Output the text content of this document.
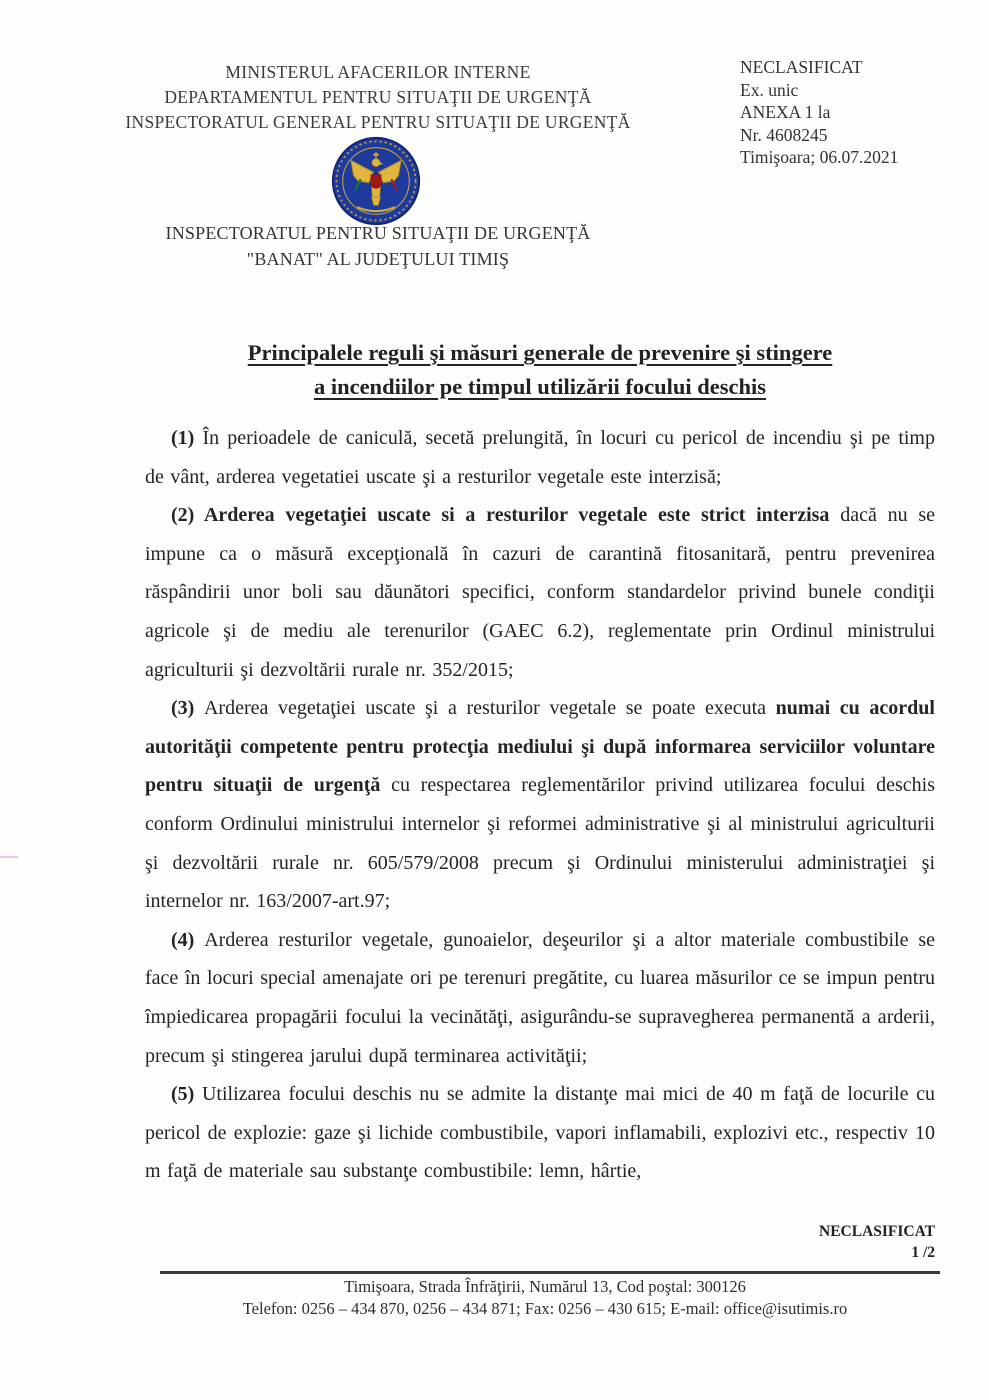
MINISTERUL AFACERILOR INTERNE
DEPARTAMENTUL PENTRU SITUAŢII DE URGENŢĂ
INSPECTORATUL GENERAL PENTRU SITUAŢII DE URGENŢĂ
NECLASIFICAT
Ex. unic
ANEXA 1 la
Nr. 4608245
Timişoara; 06.07.2021
INSPECTORATUL PENTRU SITUAŢII DE URGENŢĂ
"BANAT" AL JUDEŢULUI TIMIŞ
Principalele reguli şi măsuri generale de prevenire şi stingere
a incendiilor pe timpul utilizării focului deschis

(1) În perioadele de caniculă, secetă prelungită, în locuri cu pericol de incendiu şi pe timp de vânt, arderea vegetatiei uscate şi a resturilor vegetale este interzisă;

(2) Arderea vegetaţiei uscate si a resturilor vegetale este strict interzisa dacă nu se impune ca o măsură excepţională în cazuri de carantină fitosanitară, pentru prevenirea răspândirii unor boli sau dăunători specifici, conform standardelor privind bunele condiţii agricole şi de mediu ale terenurilor (GAEC 6.2), reglementate prin Ordinul ministrului agriculturii şi dezvoltării rurale nr. 352/2015;

(3) Arderea vegetaţiei uscate şi a resturilor vegetale se poate executa numai cu acordul autorităţii competente pentru protecţia mediului şi după informarea serviciilor voluntare pentru situaţii de urgenţă cu respectarea reglementărilor privind utilizarea focului deschis conform Ordinului ministrului internelor şi reformei administrative şi al ministrului agriculturii şi dezvoltării rurale nr. 605/579/2008 precum şi Ordinului ministerului administraţiei şi internelor nr. 163/2007-art.97;

(4) Arderea resturilor vegetale, gunoaielor, deşeurilor şi a altor materiale combustibile se face în locuri special amenajate ori pe terenuri pregătite, cu luarea măsurilor ce se impun pentru împiedicarea propagării focului la vecinătăţi, asigurându-se supravegherea permanentă a arderii, precum şi stingerea jarului după terminarea activităţii;

(5) Utilizarea focului deschis nu se admite la distanţe mai mici de 40 m faţă de locurile cu pericol de explozie: gaze şi lichide combustibile, vapori inflamabili, explozivi etc., respectiv 10 m faţă de materiale sau substanţe combustibile: lemn, hârtie,

NECLASIFICAT
1 /2
Timişoara, Strada Înfrăţirii, Numărul 13, Cod poştal: 300126
Telefon: 0256 – 434 870, 0256 – 434 871; Fax: 0256 – 430 615; E-mail: office@isutimis.ro
